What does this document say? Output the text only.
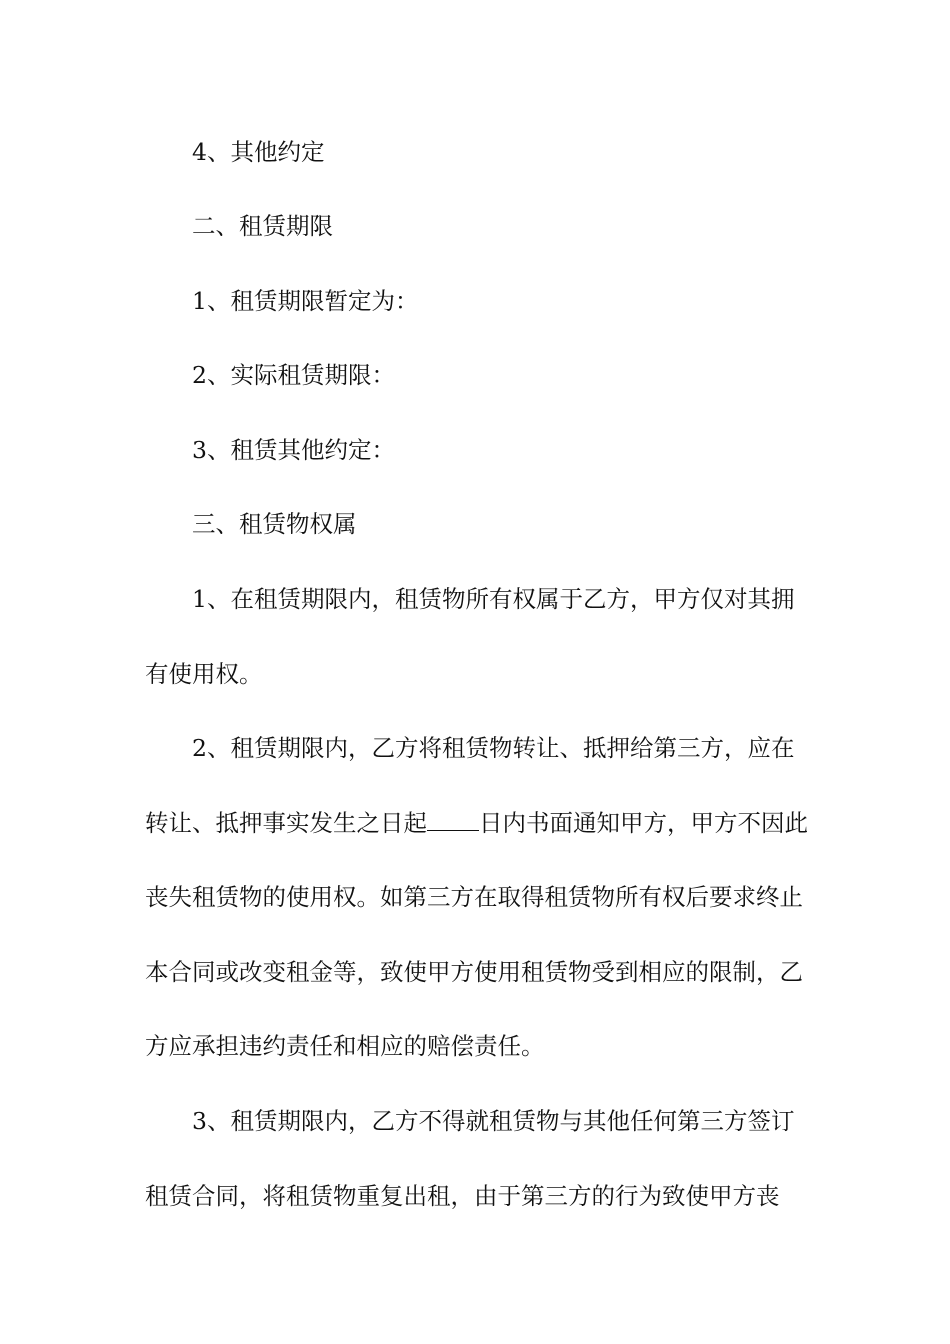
4、其他约定

二、租赁期限

1、租赁期限暂定为：

2、实际租赁期限：

3、租赁其他约定：

三、租赁物权属

1、在租赁期限内，租赁物所有权属于乙方，甲方仅对其拥有使用权。

2、租赁期限内，乙方将租赁物转让、抵押给第三方，应在转让、抵押事实发生之日起 日内书面通知甲方，甲方不因此丧失租赁物的使用权。如第三方在取得租赁物所有权后要求终止本合同或改变租金等，致使甲方使用租赁物受到相应的限制，乙方应承担违约责任和相应的赔偿责任。

3、租赁期限内，乙方不得就租赁物与其他任何第三方签订租赁合同，将租赁物重复出租，由于第三方的行为致使甲方丧
